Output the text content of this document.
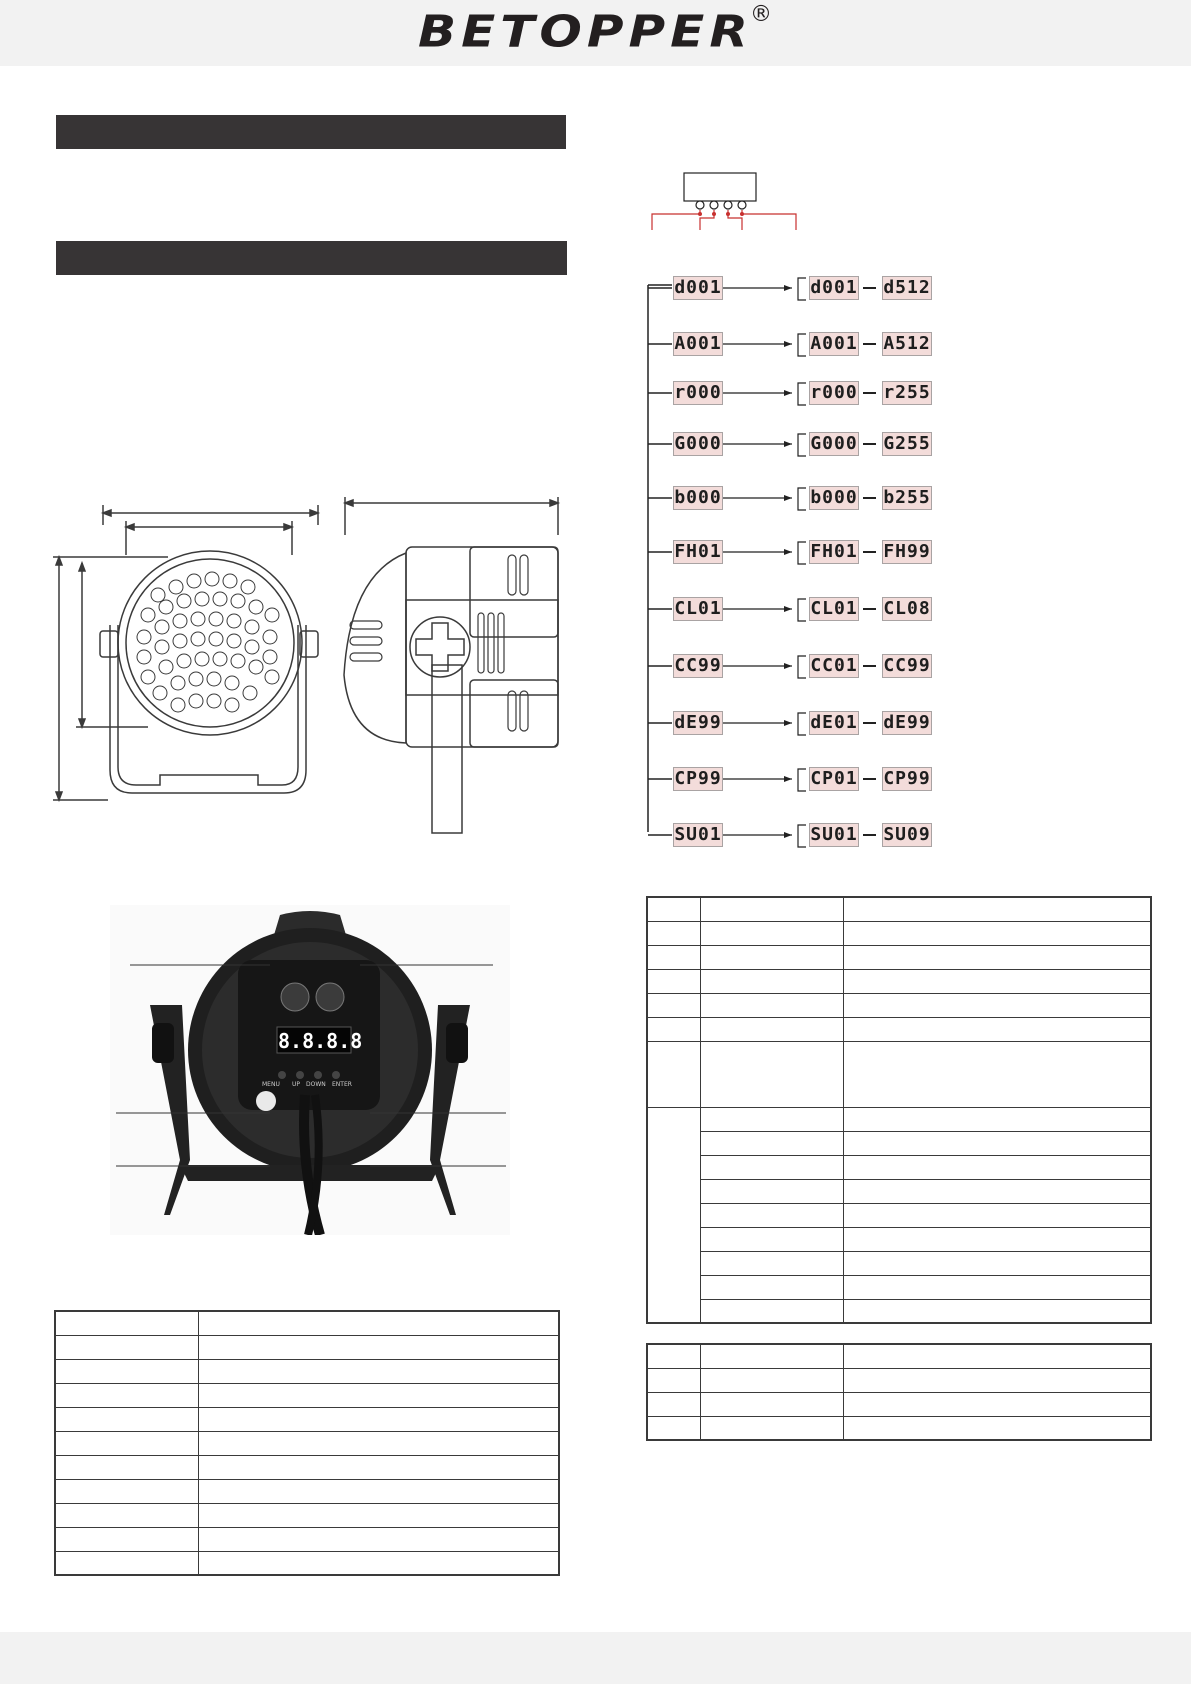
BETOPPER
®
8.8.8.8
MENU UP DOWN ENTER

d001	d001 d512
A001	A001 A512
r000	r000 r255
G000	G000 G255
b000	b000 b255
FH01	FH01 FH99
CL01	CL01 CL08
CC99	CC01 CC99
dE99	dE01 dE99
CP99	CP01 CP99
SU01	SU01 SU09
